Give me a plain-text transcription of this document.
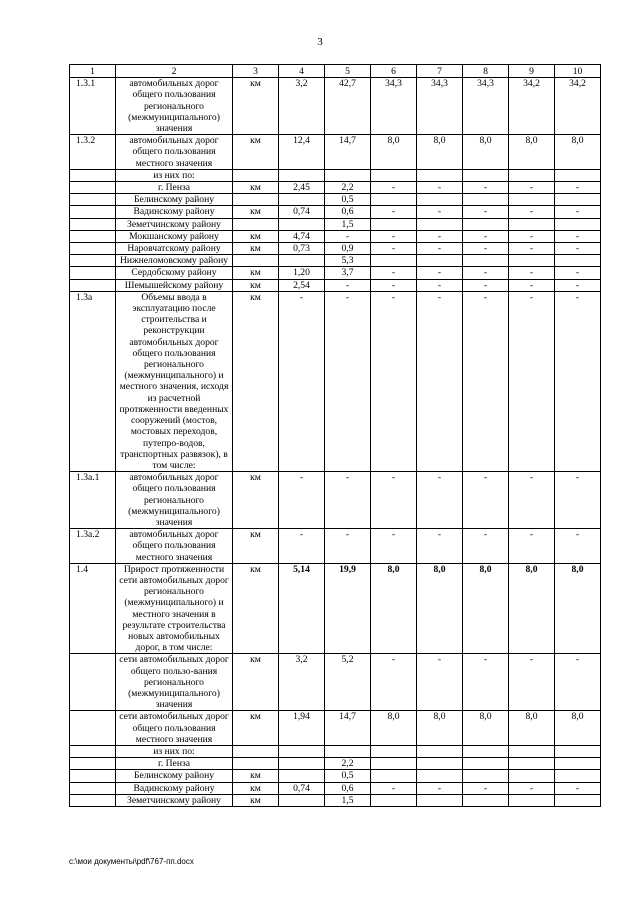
3
1	2	3	4	5	6	7	8	9	10
1.3.1	автомобильных дорог общего пользования регионального (межмуниципального) значения	км	3,2	42,7	34,3	34,3	34,3	34,2	34,2
1.3.2	автомобильных дорог общего пользования местного значения	км	12,4	14,7	8,0	8,0	8,0	8,0	8,0
	из них по:								
	г. Пенза	км	2,45	2,2	-	-	-	-	-
	Белинскому району			0,5					
	Вадинскому району	км	0,74	0,6	-	-	-	-	-
	Земетчинскому району			1,5					
	Мокшанскому району	км	4,74	-	-	-	-	-	-
	Наровчатскому району	км	0,73	0,9	-	-	-	-	-
	Нижнеломовскому району			5,3					
	Сердобскому району	км	1,20	3,7	-	-	-	-	-
	Шемышейскому району	км	2,54	-	-	-	-	-	-
1.3а	Объемы ввода в эксплуатацию после строительства и реконструкции автомобильных дорог общего пользования регионального (межмуниципального) и местного значения, исходя из расчетной протяженности введенных сооружений (мостов, мостовых переходов, путепро-водов, транспортных развязок), в том числе:	км	-	-	-	-	-	-	-
1.3а.1	автомобильных дорог общего пользования регионального (межмуниципального) значения	км	-	-	-	-	-	-	-
1.3а.2	автомобильных дорог общего пользования местного значения	км	-	-	-	-	-	-	-
1.4	Прирост протяженности сети автомобильных дорог регионального (межмуниципального) и местного значения в результате строительства новых автомобильных дорог, в том числе:	км	5,14	19,9	8,0	8,0	8,0	8,0	8,0
	сети автомобильных дорог общего пользо-вания регионального (межмуниципального) значения	км	3,2	5,2	-	-	-	-	-
	сети автомобильных дорог общего пользования местного значения	км	1,94	14,7	8,0	8,0	8,0	8,0	8,0
	из них по:								
	г. Пенза			2,2					
	Белинскому району	км		0,5					
	Вадинскому району	км	0,74	0,6	-	-	-	-	-
	Земетчинскому району	км		1,5					
c:\мои документы\pdf\767-пп.docx
